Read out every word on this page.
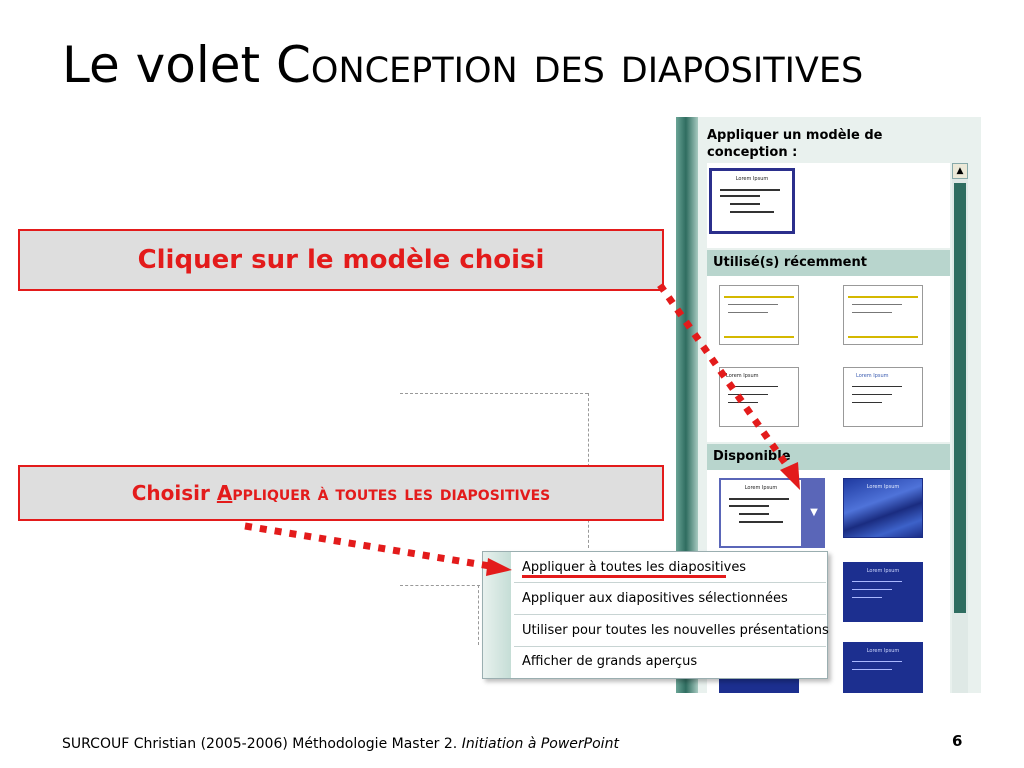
Le volet Conception des diapositives
Appliquer un modèle de conception :
Lorem Ipsum
Utilisé(s) récemment
Lorem Ipsum	Lorem Ipsum
Disponible
Lorem Ipsum
▼
Lorem Ipsum
Lorem Ipsum
Lorem Ipsum
▲
Cliquer sur le modèle choisi
Choisir Appliquer à toutes les diapositives
Appliquer à toutes les diapositives
Appliquer aux diapositives sélectionnées
Utiliser pour toutes les nouvelles présentations
Afficher de grands aperçus
SURCOUF Christian (2005-2006) Méthodologie Master 2. Initiation à PowerPoint	6
